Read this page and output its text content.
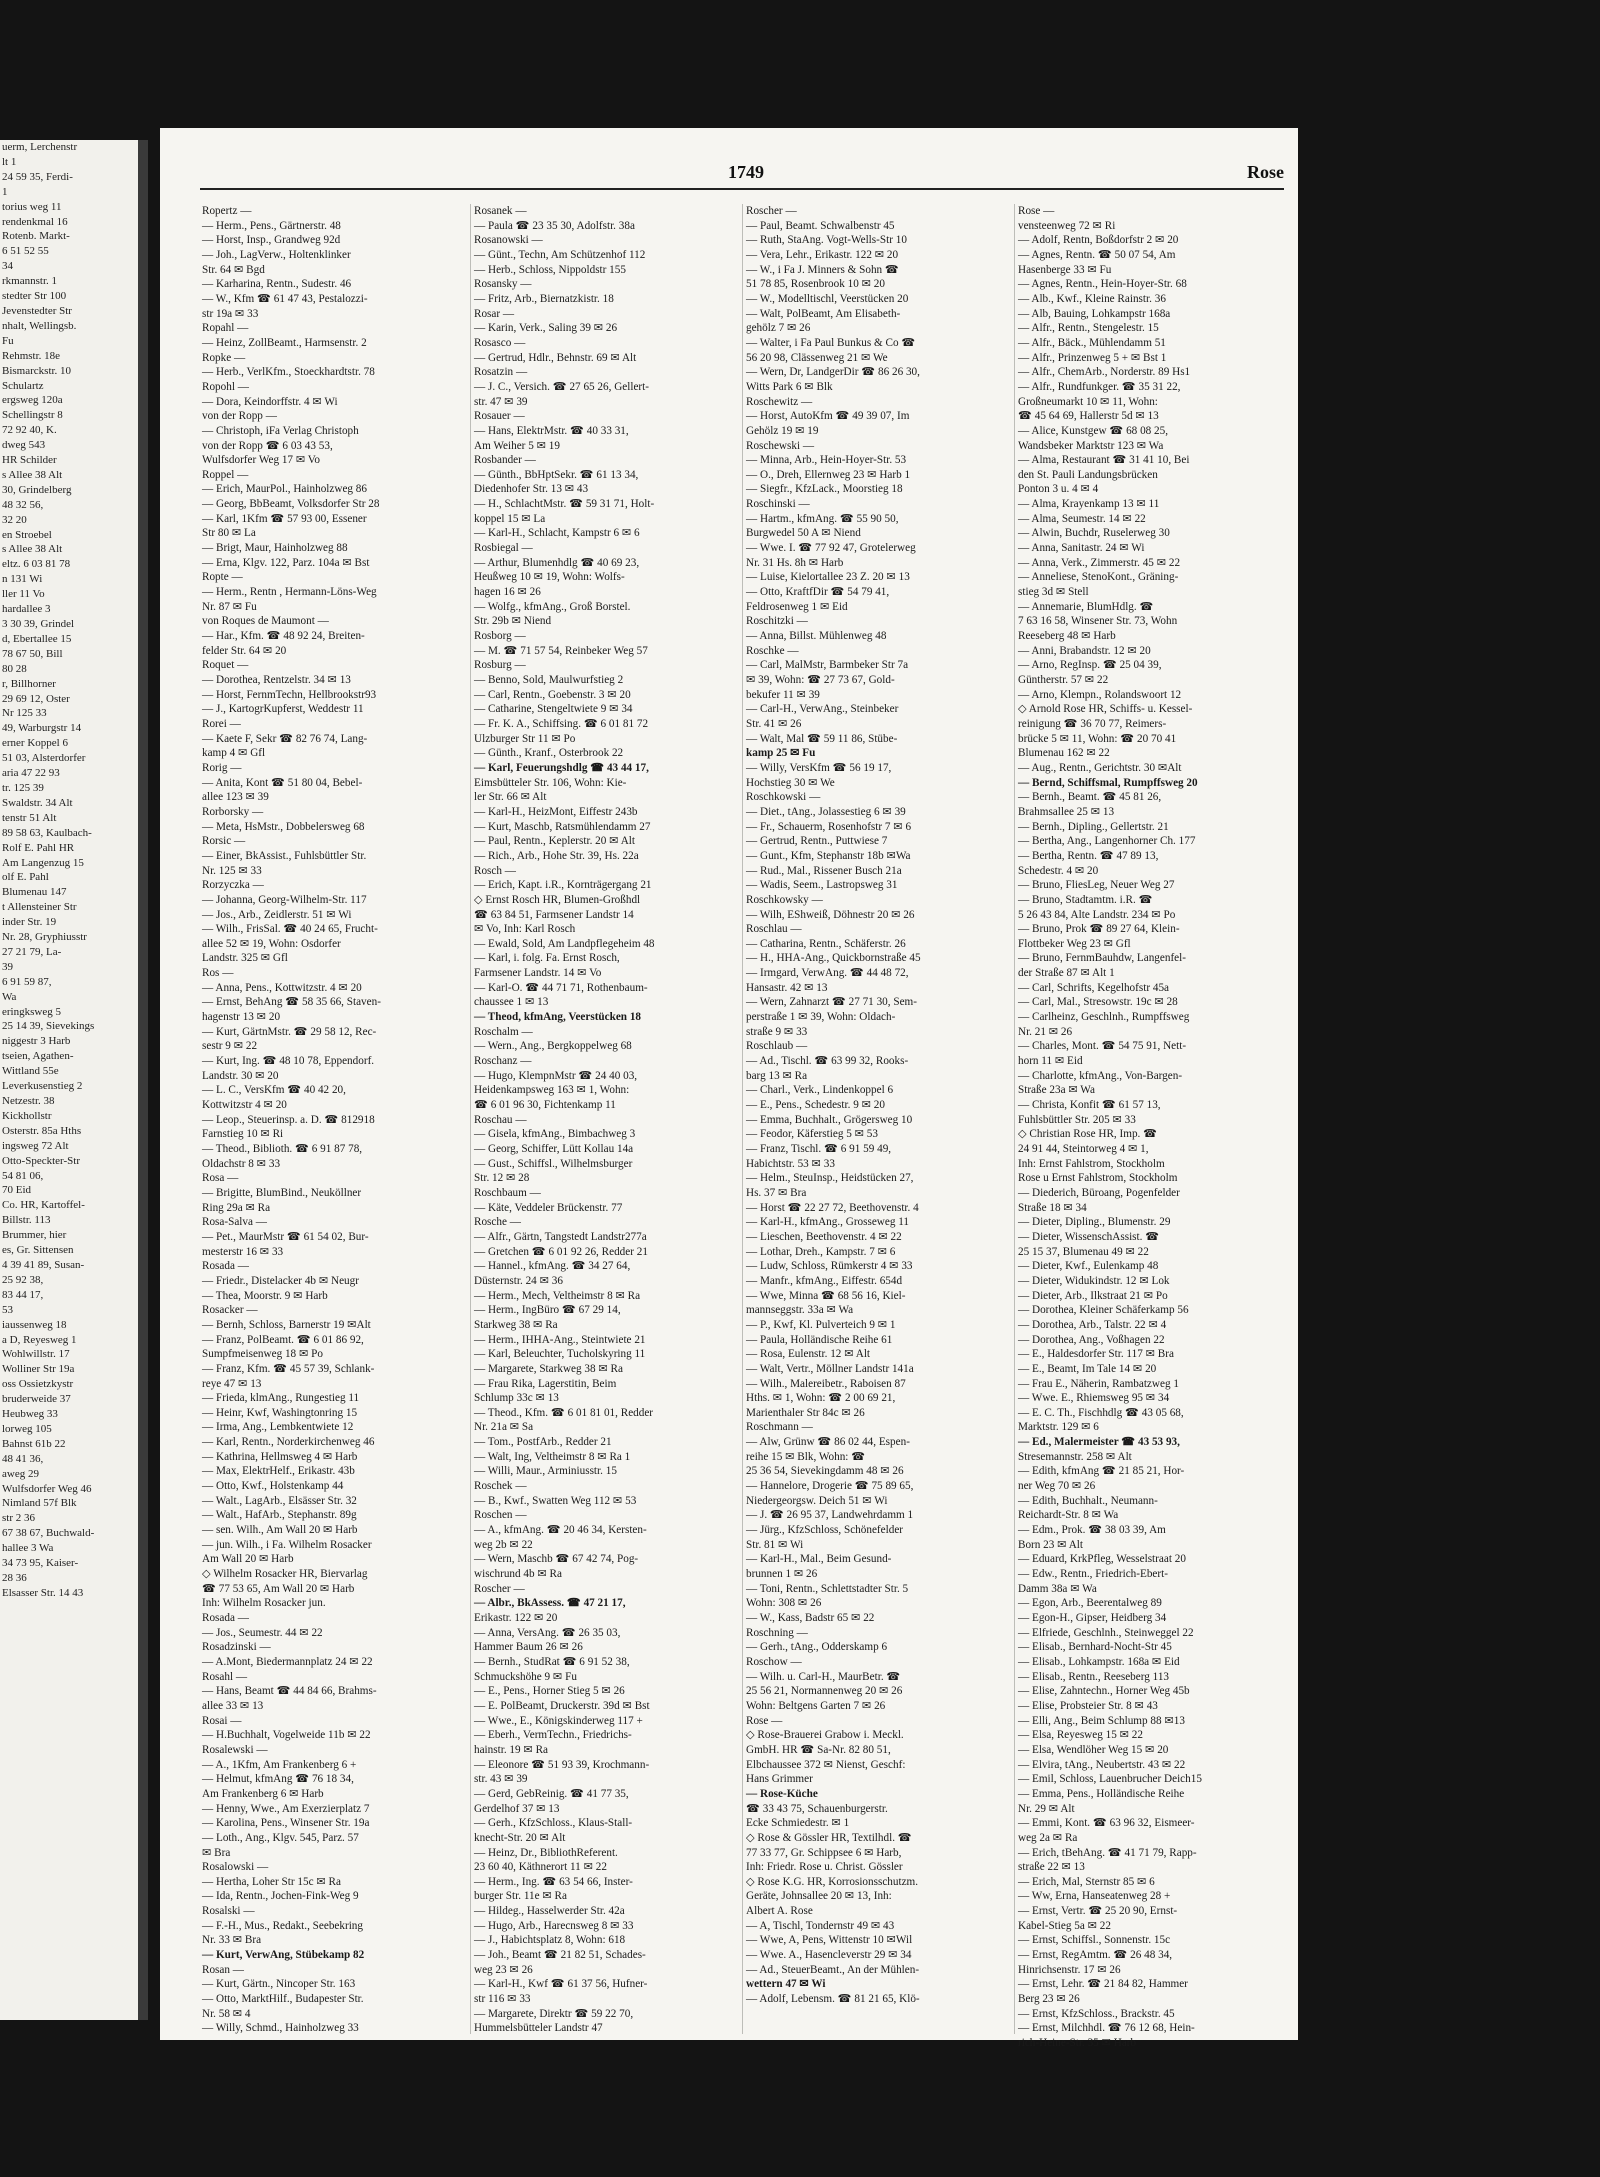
uerm, Lerchenstr
lt 1
24 59 35, Ferdi-
1
torius weg 11
rendenkmal 16
Rotenb. Markt-
6 51 52 55
34
rkmannstr. 1
stedter Str 100
Jevenstedter Str
nhalt, Wellingsb.
Fu
Rehmstr. 18e
Bismarckstr. 10
Schulartz
ergsweg 120a
Schellingstr 8
72 92 40, K.
dweg 543
HR Schilder
s Allee 38 Alt
30, Grindelberg
48 32 56,
32 20
en Stroebel
s Allee 38 Alt
eltz. 6 03 81 78
n 131 Wi
ller 11 Vo
hardallee 3
3 30 39, Grindel
d, Ebertallee 15
78 67 50, Bill
80 28
r, Billhorner
29 69 12, Oster
Nr 125 33
49, Warburgstr 14
erner Koppel 6
51 03, Alsterdorfer
aria 47 22 93
tr. 125 39
Swaldstr. 34 Alt
tenstr 51 Alt
89 58 63, Kaulbach-
Rolf E. Pahl HR
Am Langenzug 15
olf E. Pahl
Blumenau 147
t Allensteiner Str
inder Str. 19
Nr. 28, Gryphiusstr
27 21 79, La-
39
6 91 59 87,
Wa
eringksweg 5
25 14 39, Sievekings
niggestr 3 Harb
tseien, Agathen-
Wittland 55e
Leverkusenstieg 2
Netzestr. 38
Kickhollstr
Osterstr. 85a Hths
ingsweg 72 Alt
Otto-Speckter-Str
54 81 06,
70 Eid
Co. HR, Kartoffel-
Billstr. 113
Brummer, hier
es, Gr. Sittensen
4 39 41 89, Susan-
25 92 38,
83 44 17,
53
iaussenweg 18
a D, Reyesweg 1
Wohlwillstr. 17
Wolliner Str 19a
oss Ossietzkystr
bruderweide 37
Heubweg 33
lorweg 105
Bahnst 61b 22
48 41 36,
aweg 29
Wulfsdorfer Weg 46
Nimland 57f Blk
str 2 36
67 38 67, Buchwald-
hallee 3 Wa
34 73 95, Kaiser-
28 36
Elsasser Str. 14 43
1749	Rose
Ropertz —
— Herm., Pens., Gärtnerstr. 48
— Horst, Insp., Grandweg 92d
— Joh., LagVerw., Holtenklinker
Str. 64 ✉ Bgd
— Karharina, Rentn., Sudestr. 46
— W., Kfm ☎ 61 47 43, Pestalozzi-
str 19a ✉ 33
Ropahl —
— Heinz, ZollBeamt., Harmsenstr. 2
Ropke —
— Herb., VerlKfm., Stoeckhardtstr. 78
Ropohl —
— Dora, Keindorffstr. 4 ✉ Wi
von der Ropp —
— Christoph, iFa Verlag Christoph
von der Ropp ☎ 6 03 43 53,
Wulfsdorfer Weg 17 ✉ Vo
Roppel —
— Erich, MaurPol., Hainholzweg 86
— Georg, BbBeamt, Volksdorfer Str 28
— Karl, 1Kfm ☎ 57 93 00, Essener
Str 80 ✉ La
— Brigt, Maur, Hainholzweg 88
— Erna, Klgv. 122, Parz. 104a ✉ Bst
Ropte —
— Herm., Rentn , Hermann-Löns-Weg
Nr. 87 ✉ Fu
von Roques de Maumont —
— Har., Kfm. ☎ 48 92 24, Breiten-
felder Str. 64 ✉ 20
Roquet —
— Dorothea, Rentzelstr. 34 ✉ 13
— Horst, FernmTechn, Hellbrookstr93
— J., KartogrKupferst, Weddestr 11
Rorei —
— Kaete F, Sekr ☎ 82 76 74, Lang-
kamp 4 ✉ Gfl
Rorig —
— Anita, Kont ☎ 51 80 04, Bebel-
allee 123 ✉ 39
Rorborsky —
— Meta, HsMstr., Dobbelersweg 68
Rorsic —
— Einer, BkAssist., Fuhlsbüttler Str.
Nr. 125 ✉ 33
Rorzyczka —
— Johanna, Georg-Wilhelm-Str. 117
— Jos., Arb., Zeidlerstr. 51 ✉ Wi
— Wilh., FrisSal. ☎ 40 24 65, Frucht-
allee 52 ✉ 19, Wohn: Osdorfer
Landstr. 325 ✉ Gfl
Ros —
— Anna, Pens., Kottwitzstr. 4 ✉ 20
— Ernst, BehAng ☎ 58 35 66, Staven-
hagenstr 13 ✉ 20
— Kurt, GärtnMstr. ☎ 29 58 12, Rec-
sestr 9 ✉ 22
— Kurt, Ing. ☎ 48 10 78, Eppendorf.
Landstr. 30 ✉ 20
— L. C., VersKfm ☎ 40 42 20,
Kottwitzstr 4 ✉ 20
— Leop., Steuerinsp. a. D. ☎ 812918
Farnstieg 10 ✉ Ri
— Theod., Biblioth. ☎ 6 91 87 78,
Oldachstr 8 ✉ 33
Rosa —
— Brigitte, BlumBind., Neuköllner
Ring 29a ✉ Ra
Rosa-Salva —
— Pet., MaurMstr ☎ 61 54 02, Bur-
mesterstr 16 ✉ 33
Rosada —
— Friedr., Distelacker 4b ✉ Neugr
— Thea, Moorstr. 9 ✉ Harb
Rosacker —
— Bernh, Schloss, Barnerstr 19 ✉Alt
— Franz, PolBeamt. ☎ 6 01 86 92,
Sumpfmeisenweg 18 ✉ Po
— Franz, Kfm. ☎ 45 57 39, Schlank-
reye 47 ✉ 13
— Frieda, klmAng., Rungestieg 11
— Heinr, Kwf, Washingtonring 15
— Irma, Ang., Lembkentwiete 12
— Karl, Rentn., Norderkirchenweg 46
— Kathrina, Hellmsweg 4 ✉ Harb
— Max, ElektrHelf., Erikastr. 43b
— Otto, Kwf., Holstenkamp 44
— Walt., LagArb., Elsässer Str. 32
— Walt., HafArb., Stephanstr. 89g
— sen. Wilh., Am Wall 20 ✉ Harb
— jun. Wilh., i Fa. Wilhelm Rosacker
Am Wall 20 ✉ Harb
◇ Wilhelm Rosacker HR, Biervarlag
☎ 77 53 65, Am Wall 20 ✉ Harb
Inh: Wilhelm Rosacker jun.
Rosada —
— Jos., Seumestr. 44 ✉ 22
Rosadzinski —
— A.Mont, Biedermannplatz 24 ✉ 22
Rosahl —
— Hans, Beamt ☎ 44 84 66, Brahms-
allee 33 ✉ 13
Rosai —
— H.Buchhalt, Vogelweide 11b ✉ 22
Rosalewski —
— A., 1Kfm, Am Frankenberg 6 +
— Helmut, kfmAng ☎ 76 18 34,
Am Frankenberg 6 ✉ Harb
— Henny, Wwe., Am Exerzierplatz 7
— Karolina, Pens., Winsener Str. 19a
— Loth., Ang., Klgv. 545, Parz. 57
✉ Bra
Rosalowski —
— Hertha, Loher Str 15c ✉ Ra
— Ida, Rentn., Jochen-Fink-Weg 9
Rosalski —
— F.-H., Mus., Redakt., Seebekring
Nr. 33 ✉ Bra
— Kurt, VerwAng, Stübekamp 82
Rosan —
— Kurt, Gärtn., Nincoper Str. 163
— Otto, MarktHilf., Budapester Str.
Nr. 58 ✉ 4
— Willy, Schmd., Hainholzweg 33
Rosanek —
— Paula ☎ 23 35 30, Adolfstr. 38a
Rosanowski —
— Günt., Techn, Am Schützenhof 112
— Herb., Schloss, Nippoldstr 155
Rosansky —
— Fritz, Arb., Biernatzkistr. 18
Rosar —
— Karin, Verk., Saling 39 ✉ 26
Rosasco —
— Gertrud, Hdlr., Behnstr. 69 ✉ Alt
Rosatzin —
— J. C., Versich. ☎ 27 65 26, Gellert-
str. 47 ✉ 39
Rosauer —
— Hans, ElektrMstr. ☎ 40 33 31,
Am Weiher 5 ✉ 19
Rosbander —
— Günth., BbHptSekr. ☎ 61 13 34,
Diedenhofer Str. 13 ✉ 43
— H., SchlachtMstr. ☎ 59 31 71, Holt-
koppel 15 ✉ La
— Karl-H., Schlacht, Kampstr 6 ✉ 6
Rosbiegal —
— Arthur, Blumenhdlg ☎ 40 69 23,
Heußweg 10 ✉ 19, Wohn: Wolfs-
hagen 16 ✉ 26
— Wolfg., kfmAng., Groß Borstel.
Str. 29b ✉ Niend
Rosborg —
— M. ☎ 71 57 54, Reinbeker Weg 57
Rosburg —
— Benno, Sold, Maulwurfstieg 2
— Carl, Rentn., Goebenstr. 3 ✉ 20
— Catharine, Stengeltwiete 9 ✉ 34
— Fr. K. A., Schiffsing. ☎ 6 01 81 72
Ulzburger Str 11 ✉ Po
— Günth., Kranf., Osterbrook 22
— Karl, Feuerungshdlg ☎ 43 44 17,
Eimsbütteler Str. 106, Wohn: Kie-
ler Str. 66 ✉ Alt
— Karl-H., HeizMont, Eiffestr 243b
— Kurt, Maschb, Ratsmühlendamm 27
— Paul, Rentn., Keplerstr. 20 ✉ Alt
— Rich., Arb., Hohe Str. 39, Hs. 22a
Rosch —
— Erich, Kapt. i.R., Kornträgergang 21
◇ Ernst Rosch HR, Blumen-Großhdl
☎ 63 84 51, Farmsener Landstr 14
✉ Vo, Inh: Karl Rosch
— Ewald, Sold, Am Landpflegeheim 48
— Karl, i. folg. Fa. Ernst Rosch,
Farmsener Landstr. 14 ✉ Vo
— Karl-O. ☎ 44 71 71, Rothenbaum-
chaussee 1 ✉ 13
— Theod, kfmAng, Veerstücken 18
Roschalm —
— Wern., Ang., Bergkoppelweg 68
Roschanz —
— Hugo, KlempnMstr ☎ 24 40 03,
Heidenkampsweg 163 ✉ 1, Wohn:
☎ 6 01 96 30, Fichtenkamp 11
Roschau —
— Gisela, kfmAng., Bimbachweg 3
— Georg, Schiffer, Lütt Kollau 14a
— Gust., Schiffsl., Wilhelmsburger
Str. 12 ✉ 28
Roschbaum —
— Käte, Veddeler Brückenstr. 77
Rosche —
— Alfr., Gärtn, Tangstedt Landstr277a
— Gretchen ☎ 6 01 92 26, Redder 21
— Hannel., kfmAng. ☎ 34 27 64,
Düsternstr. 24 ✉ 36
— Herm., Mech, Veltheimstr 8 ✉ Ra
— Herm., IngBüro ☎ 67 29 14,
Starkweg 38 ✉ Ra
— Herm., IHHA-Ang., Steintwiete 21
— Karl, Beleuchter, Tucholskyring 11
— Margarete, Starkweg 38 ✉ Ra
— Frau Rika, Lagerstitin, Beim
Schlump 33c ✉ 13
— Theod., Kfm. ☎ 6 01 81 01, Redder
Nr. 21a ✉ Sa
— Tom., PostfArb., Redder 21
— Walt, Ing, Veltheimstr 8 ✉ Ra 1
— Willi, Maur., Arminiusstr. 15
Roschek —
— B., Kwf., Swatten Weg 112 ✉ 53
Roschen —
— A., kfmAng. ☎ 20 46 34, Kersten-
weg 2b ✉ 22
— Wern, Maschb ☎ 67 42 74, Pog-
wischrund 4b ✉ Ra
Roscher —
— Albr., BkAssess. ☎ 47 21 17,
Erikastr. 122 ✉ 20
— Anna, VersAng. ☎ 26 35 03,
Hammer Baum 26 ✉ 26
— Bernh., StudRat ☎ 6 91 52 38,
Schmuckshöhe 9 ✉ Fu
— E., Pens., Horner Stieg 5 ✉ 26
— E. PolBeamt, Druckerstr. 39d ✉ Bst
— Wwe., E., Königskinderweg 117 +
— Eberh., VermTechn., Friedrichs-
hainstr. 19 ✉ Ra
— Eleonore ☎ 51 93 39, Krochmann-
str. 43 ✉ 39
— Gerd, GebReinig. ☎ 41 77 35,
Gerdelhof 37 ✉ 13
— Gerh., KfzSchloss., Klaus-Stall-
knecht-Str. 20 ✉ Alt
— Heinz, Dr., BibliothReferent.
23 60 40, Käthnerort 11 ✉ 22
— Herm., Ing. ☎ 63 54 66, Inster-
burger Str. 11e ✉ Ra
— Hildeg., Hasselwerder Str. 42a
— Hugo, Arb., Harecnsweg 8 ✉ 33
— J., Habichtsplatz 8, Wohn: 618
— Joh., Beamt ☎ 21 82 51, Schades-
weg 23 ✉ 26
— Karl-H., Kwf ☎ 61 37 56, Hufner-
str 116 ✉ 33
— Margarete, Direktr ☎ 59 22 70,
Hummelsbütteler Landstr 47
Roscher —
— Paul, Beamt. Schwalbenstr 45
— Ruth, StaAng. Vogt-Wells-Str 10
— Vera, Lehr., Erikastr. 122 ✉ 20
— W., i Fa J. Minners & Sohn ☎
51 78 85, Rosenbrook 10 ✉ 20
— W., Modelltischl, Veerstücken 20
— Walt, PolBeamt, Am Elisabeth-
gehölz 7 ✉ 26
— Walter, i Fa Paul Bunkus & Co ☎
56 20 98, Clässenweg 21 ✉ We
— Wern, Dr, LandgerDir ☎ 86 26 30,
Witts Park 6 ✉ Blk
Roschewitz —
— Horst, AutoKfm ☎ 49 39 07, Im
Gehölz 19 ✉ 19
Roschewski —
— Minna, Arb., Hein-Hoyer-Str. 53
— O., Dreh, Ellernweg 23 ✉ Harb 1
— Siegfr., KfzLack., Moorstieg 18
Roschinski —
— Hartm., kfmAng. ☎ 55 90 50,
Burgwedel 50 A ✉ Niend
— Wwe. I. ☎ 77 92 47, Grotelerweg
Nr. 31 Hs. 8h ✉ Harb
— Luise, Kielortallee 23 Z. 20 ✉ 13
— Otto, KraftfDir ☎ 54 79 41,
Feldrosenweg 1 ✉ Eid
Roschitzki —
— Anna, Billst. Mühlenweg 48
Roschke —
— Carl, MalMstr, Barmbeker Str 7a
✉ 39, Wohn: ☎ 27 73 67, Gold-
bekufer 11 ✉ 39
— Carl-H., VerwAng., Steinbeker
Str. 41 ✉ 26
— Walt, Mal ☎ 59 11 86, Stübe-
kamp 25 ✉ Fu
— Willy, VersKfm ☎ 56 19 17,
Hochstieg 30 ✉ We
Roschkowski —
— Diet., tAng., Jolassestieg 6 ✉ 39
— Fr., Schauerm, Rosenhofstr 7 ✉ 6
— Gertrud, Rentn., Puttwiese 7
— Gunt., Kfm, Stephanstr 18b ✉Wa
— Rud., Mal., Rissener Busch 21a
— Wadis, Seem., Lastropsweg 31
Roschkowsky —
— Wilh, EShweiß, Döhnestr 20 ✉ 26
Roschlau —
— Catharina, Rentn., Schäferstr. 26
— H., HHA-Ang., Quickbornstraße 45
— Irmgard, VerwAng. ☎ 44 48 72,
Hansastr. 42 ✉ 13
— Wern, Zahnarzt ☎ 27 71 30, Sem-
perstraße 1 ✉ 39, Wohn: Oldach-
straße 9 ✉ 33
Roschlaub —
— Ad., Tischl. ☎ 63 99 32, Rooks-
barg 13 ✉ Ra
— Charl., Verk., Lindenkoppel 6
— E., Pens., Schedestr. 9 ✉ 20
— Emma, Buchhalt., Grögersweg 10
— Feodor, Käferstieg 5 ✉ 53
— Franz, Tischl. ☎ 6 91 59 49,
Habichtstr. 53 ✉ 33
— Helm., SteuInsp., Heidstücken 27,
Hs. 37 ✉ Bra
— Horst ☎ 22 27 72, Beethovenstr. 4
— Karl-H., kfmAng., Grosseweg 11
— Lieschen, Beethovenstr. 4 ✉ 22
— Lothar, Dreh., Kampstr. 7 ✉ 6
— Ludw, Schloss, Rümkerstr 4 ✉ 33
— Manfr., kfmAng., Eiffestr. 654d
— Wwe, Minna ☎ 68 56 16, Kiel-
mannseggstr. 33a ✉ Wa
— P., Kwf, Kl. Pulverteich 9 ✉ 1
— Paula, Holländische Reihe 61
— Rosa, Eulenstr. 12 ✉ Alt
— Walt, Vertr., Möllner Landstr 141a
— Wilh., Malereibetr., Raboisen 87
Hths. ✉ 1, Wohn: ☎ 2 00 69 21,
Marienthaler Str 84c ✉ 26
Roschmann —
— Alw, Grünw ☎ 86 02 44, Espen-
reihe 15 ✉ Blk, Wohn: ☎
25 36 54, Sievekingdamm 48 ✉ 26
— Hannelore, Drogerie ☎ 75 89 65,
Niedergeorgsw. Deich 51 ✉ Wi
— J. ☎ 26 95 37, Landwehrdamm 1
— Jürg., KfzSchloss, Schönefelder
Str. 81 ✉ Wi
— Karl-H., Mal., Beim Gesund-
brunnen 1 ✉ 26
— Toni, Rentn., Schlettstadter Str. 5
Wohn: 308 ✉ 26
— W., Kass, Badstr 65 ✉ 22
Roschning —
— Gerh., tAng., Odderskamp 6
Roschow —
— Wilh. u. Carl-H., MaurBetr. ☎
25 56 21, Normannenweg 20 ✉ 26
Wohn: Beltgens Garten 7 ✉ 26
Rose —
◇ Rose-Brauerei Grabow i. Meckl.
GmbH. HR ☎ Sa-Nr. 82 80 51,
Elbchaussee 372 ✉ Nienst, Geschf:
Hans Grimmer
— Rose-Küche
☎ 33 43 75, Schauenburgerstr.
Ecke Schmiedestr. ✉ 1
◇ Rose & Gössler HR, Textilhdl. ☎
77 33 77, Gr. Schippsee 6 ✉ Harb,
Inh: Friedr. Rose u. Christ. Gössler
◇ Rose K.G. HR, Korrosionsschutzm.
Geräte, Johnsallee 20 ✉ 13, Inh:
Albert A. Rose
— A, Tischl, Tondernstr 49 ✉ 43
— Wwe, A, Pens, Wittenstr 10 ✉Wil
— Wwe. A., Hasencleverstr 29 ✉ 34
— Ad., SteuerBeamt., An der Mühlen-
wettern 47 ✉ Wi
— Adolf, Lebensm. ☎ 81 21 65, Klö-
Rose —
vensteenweg 72 ✉ Ri
— Adolf, Rentn, Boßdorfstr 2 ✉ 20
— Agnes, Rentn. ☎ 50 07 54, Am
Hasenberge 33 ✉ Fu
— Agnes, Rentn., Hein-Hoyer-Str. 68
— Alb., Kwf., Kleine Rainstr. 36
— Alb, Bauing, Lohkampstr 168a
— Alfr., Rentn., Stengelestr. 15
— Alfr., Bäck., Mühlendamm 51
— Alfr., Prinzenweg 5 + ✉ Bst 1
— Alfr., ChemArb., Norderstr. 89 Hs1
— Alfr., Rundfunkger. ☎ 35 31 22,
Großneumarkt 10 ✉ 11, Wohn:
☎ 45 64 69, Hallerstr 5d ✉ 13
— Alice, Kunstgew ☎ 68 08 25,
Wandsbeker Marktstr 123 ✉ Wa
— Alma, Restaurant ☎ 31 41 10, Bei
den St. Pauli Landungsbrücken
Ponton 3 u. 4 ✉ 4
— Alma, Krayenkamp 13 ✉ 11
— Alma, Seumestr. 14 ✉ 22
— Alwin, Buchdr, Ruselerweg 30
— Anna, Sanitastr. 24 ✉ Wi
— Anna, Verk., Zimmerstr. 45 ✉ 22
— Anneliese, StenoKont., Gräning-
stieg 3d ✉ Stell
— Annemarie, BlumHdlg. ☎
7 63 16 58, Winsener Str. 73, Wohn
Reeseberg 48 ✉ Harb
— Anni, Brabandstr. 12 ✉ 20
— Arno, RegInsp. ☎ 25 04 39,
Güntherstr. 57 ✉ 22
— Arno, Klempn., Rolandswoort 12
◇ Arnold Rose HR, Schiffs- u. Kessel-
reinigung ☎ 36 70 77, Reimers-
brücke 5 ✉ 11, Wohn: ☎ 20 70 41
Blumenau 162 ✉ 22
— Aug., Rentn., Gerichtstr. 30 ✉Alt
— Bernd, Schiffsmal, Rumpffsweg 20
— Bernh., Beamt. ☎ 45 81 26,
Brahmsallee 25 ✉ 13
— Bernh., Dipling., Gellertstr. 21
— Bertha, Ang., Langenhorner Ch. 177
— Bertha, Rentn. ☎ 47 89 13,
Schedestr. 4 ✉ 20
— Bruno, FliesLeg, Neuer Weg 27
— Bruno, Stadtamtm. i.R. ☎
5 26 43 84, Alte Landstr. 234 ✉ Po
— Bruno, Prok ☎ 89 27 64, Klein-
Flottbeker Weg 23 ✉ Gfl
— Bruno, FernmBauhdw, Langenfel-
der Straße 87 ✉ Alt 1
— Carl, Schrifts, Kegelhofstr 45a
— Carl, Mal., Stresowstr. 19c ✉ 28
— Carlheinz, Geschlnh., Rumpffsweg
Nr. 21 ✉ 26
— Charles, Mont. ☎ 54 75 91, Nett-
horn 11 ✉ Eid
— Charlotte, kfmAng., Von-Bargen-
Straße 23a ✉ Wa
— Christa, Konfit ☎ 61 57 13,
Fuhlsbüttler Str. 205 ✉ 33
◇ Christian Rose HR, Imp. ☎
24 91 44, Steintorweg 4 ✉ 1,
Inh: Ernst Fahlstrom, Stockholm
Rose u Ernst Fahlstrom, Stockholm
— Diederich, Büroang, Pogenfelder
Straße 18 ✉ 34
— Dieter, Dipling., Blumenstr. 29
— Dieter, WissenschAssist. ☎
25 15 37, Blumenau 49 ✉ 22
— Dieter, Kwf., Eulenkamp 48
— Dieter, Widukindstr. 12 ✉ Lok
— Dieter, Arb., Ilkstraat 21 ✉ Po
— Dorothea, Kleiner Schäferkamp 56
— Dorothea, Arb., Talstr. 22 ✉ 4
— Dorothea, Ang., Voßhagen 22
— E., Haldesdorfer Str. 117 ✉ Bra
— E., Beamt, Im Tale 14 ✉ 20
— Frau E., Näherin, Rambatzweg 1
— Wwe. E., Rhiemsweg 95 ✉ 34
— E. C. Th., Fischhdlg ☎ 43 05 68,
Marktstr. 129 ✉ 6
— Ed., Malermeister ☎ 43 53 93,
Stresemannstr. 258 ✉ Alt
— Edith, kfmAng ☎ 21 85 21, Hor-
ner Weg 70 ✉ 26
— Edith, Buchhalt., Neumann-
Reichardt-Str. 8 ✉ Wa
— Edm., Prok. ☎ 38 03 39, Am
Born 23 ✉ Alt
— Eduard, KrkPfleg, Wesselstraat 20
— Edw., Rentn., Friedrich-Ebert-
Damm 38a ✉ Wa
— Egon, Arb., Beerentalweg 89
— Egon-H., Gipser, Heidberg 34
— Elfriede, Geschlnh., Steinweggel 22
— Elisab., Bernhard-Nocht-Str 45
— Elisab., Lohkampstr. 168a ✉ Eid
— Elisab., Rentn., Reeseberg 113
— Elise, Zahntechn., Horner Weg 45b
— Elise, Probsteier Str. 8 ✉ 43
— Elli, Ang., Beim Schlump 88 ✉13
— Elsa, Reyesweg 15 ✉ 22
— Elsa, Wendlöher Weg 15 ✉ 20
— Elvira, tAng., Neubertstr. 43 ✉ 22
— Emil, Schloss, Lauenbrucher Deich15
— Emma, Pens., Holländische Reihe
Nr. 29 ✉ Alt
— Emmi, Kont. ☎ 63 96 32, Eismeer-
weg 2a ✉ Ra
— Erich, tBehAng. ☎ 41 71 79, Rapp-
straße 22 ✉ 13
— Erich, Mal, Sternstr 85 ✉ 6
— Ww, Erna, Hanseatenweg 28 +
— Ernst, Vertr. ☎ 25 20 90, Ernst-
Kabel-Stieg 5a ✉ 22
— Ernst, Schiffsl., Sonnenstr. 15c
— Ernst, RegAmtm. ☎ 26 48 34,
Hinrichsenstr. 17 ✉ 26
— Ernst, Lehr. ☎ 21 84 82, Hammer
Berg 23 ✉ 26
— Ernst, KfzSchloss., Brackstr. 45
— Ernst, Milchhdl. ☎ 76 12 68, Hein-
rich-Heine-Str. 35 ✉ Harb
